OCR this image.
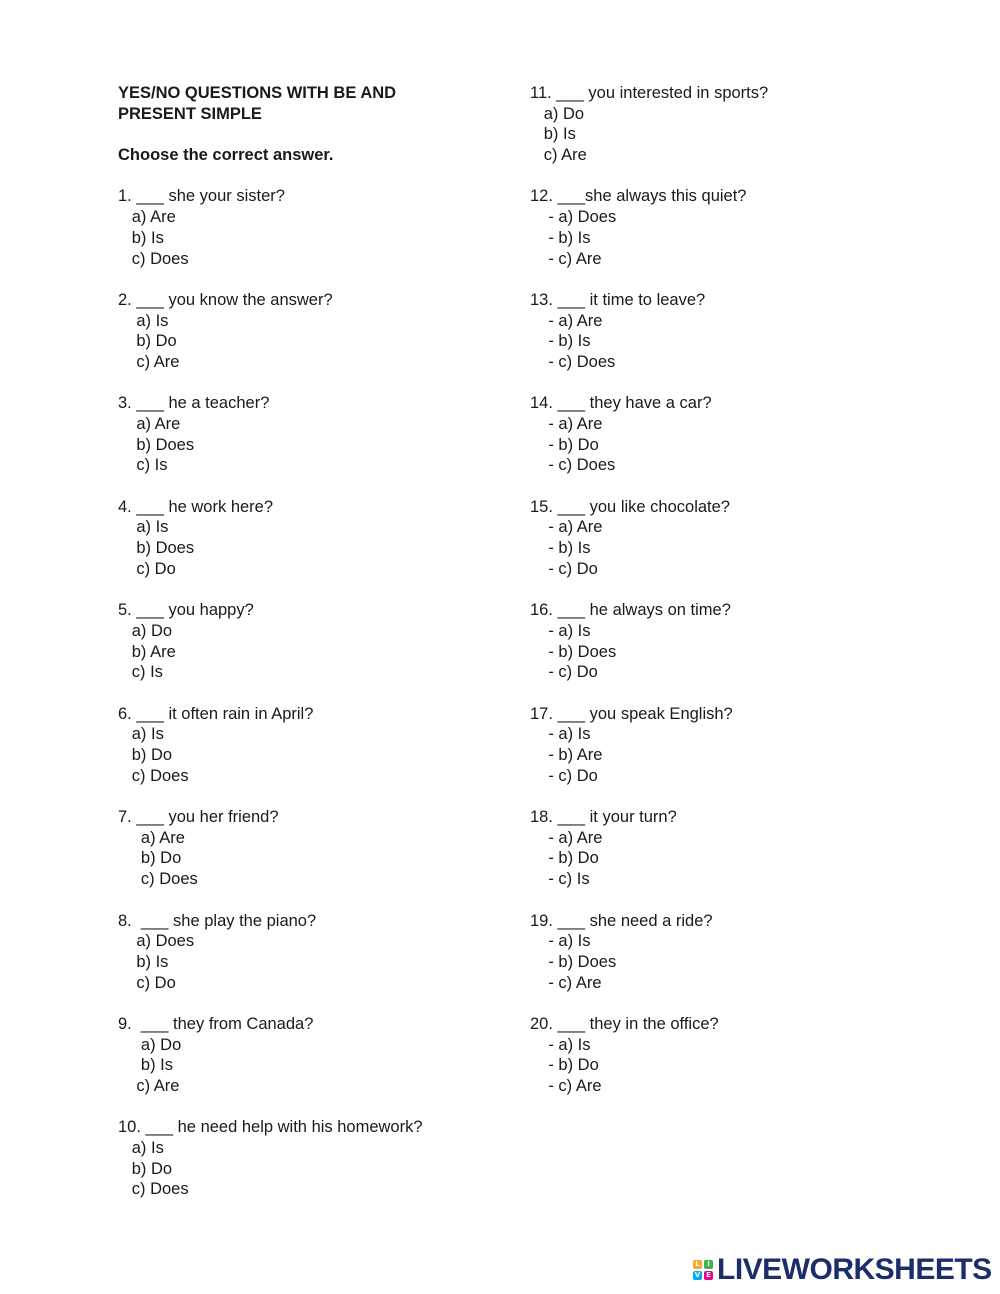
YES/NO QUESTIONS WITH BE AND
PRESENT SIMPLE
Choose the correct answer.
1. ___ she your sister?
a) Are
b) Is
c) Does
2. ___ you know the answer?
a) Is
b) Do
c) Are
3. ___ he a teacher?
a) Are
b) Does
c) Is
4. ___ he work here?
a) Is
b) Does
c) Do
5. ___ you happy?
a) Do
b) Are
c) Is
6. ___ it often rain in April?
a) Is
b) Do
c) Does
7. ___ you her friend?
a) Are
b) Do
c) Does
8.  ___ she play the piano?
a) Does
b) Is
c) Do
9.  ___ they from Canada?
a) Do
b) Is
c) Are
10. ___ he need help with his homework?
a) Is
b) Do
c) Does
11. ___ you interested in sports?
a) Do
b) Is
c) Are
12. ___she always this quiet?
- a) Does
- b) Is
- c) Are
13. ___ it time to leave?
- a) Are
- b) Is
- c) Does
14. ___ they have a car?
- a) Are
- b) Do
- c) Does
15. ___ you like chocolate?
- a) Are
- b) Is
- c) Do
16. ___ he always on time?
- a) Is
- b) Does
- c) Do
17. ___ you speak English?
- a) Is
- b) Are
- c) Do
18. ___ it your turn?
- a) Are
- b) Do
- c) Is
19. ___ she need a ride?
- a) Is
- b) Does
- c) Are
20. ___ they in the office?
- a) Is
- b) Do
- c) Are
L	I
V E LIVEWORKSHEETS
